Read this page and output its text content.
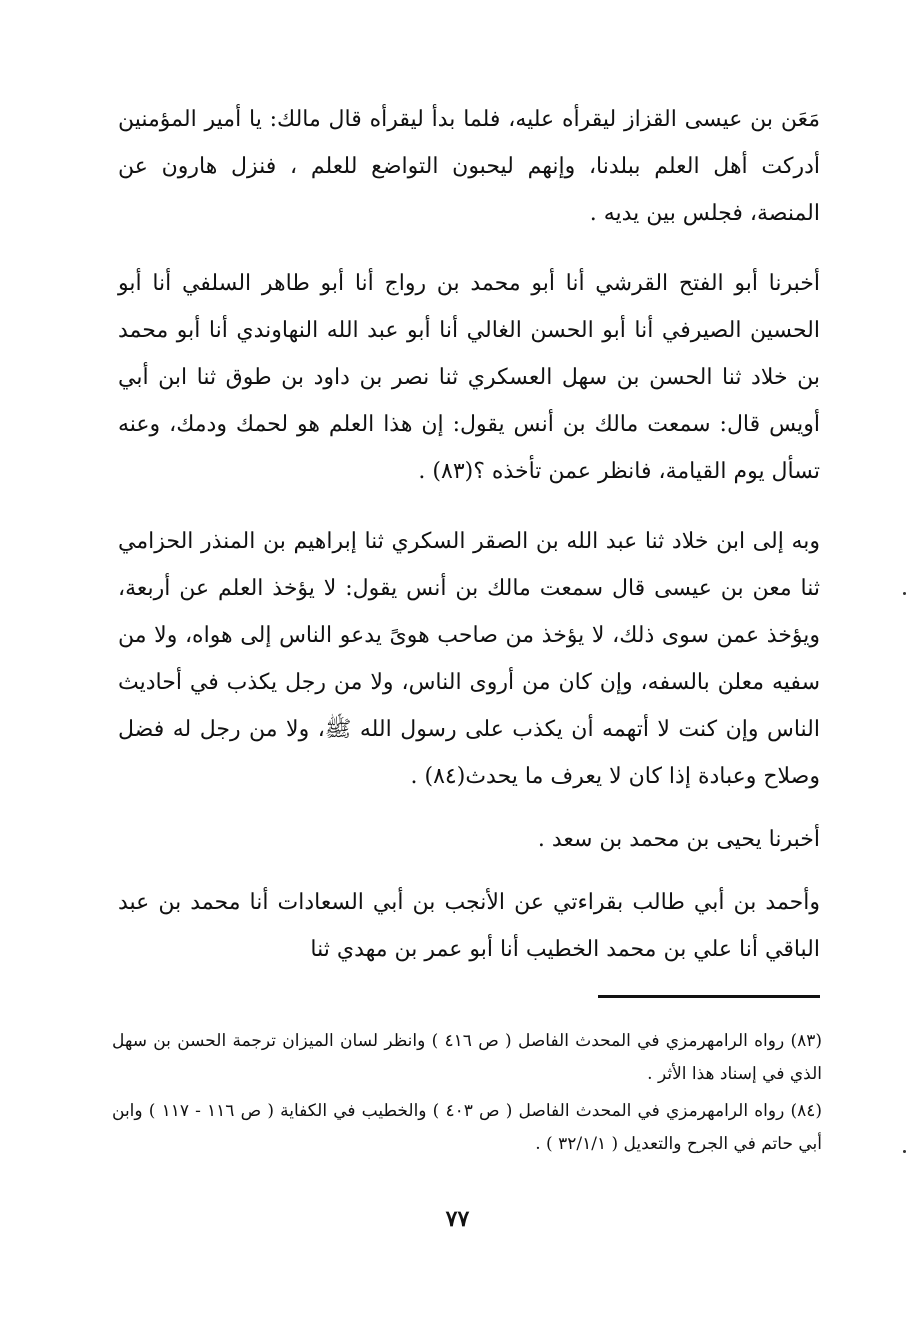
مَعَن بن عيسى القزاز ليقرأه عليه، فلما بدأ ليقرأه قال مالك: يا أمير المؤمنين أدركت أهل العلم ببلدنا، وإنهم ليحبون التواضع للعلم ، فنزل هارون عن المنصة، فجلس بين يديه .

أخبرنا أبو الفتح القرشي أنا أبو محمد بن رواج أنا أبو طاهر السلفي أنا أبو الحسين الصيرفي أنا أبو الحسن الغالي أنا أبو عبد الله النهاوندي أنا أبو محمد بن خلاد ثنا الحسن بن سهل العسكري ثنا نصر بن داود بن طوق ثنا ابن أبي أويس قال: سمعت مالك بن أنس يقول: إن هذا العلم هو لحمك ودمك، وعنه تسأل يوم القيامة، فانظر عمن تأخذه ؟(٨٣) .

وبه إلى ابن خلاد ثنا عبد الله بن الصقر السكري ثنا إبراهيم بن المنذر الحزامي ثنا معن بن عيسى قال سمعت مالك بن أنس يقول: لا يؤخذ العلم عن أربعة، ويؤخذ عمن سوى ذلك، لا يؤخذ من صاحب هوىً يدعو الناس إلى هواه، ولا من سفيه معلن بالسفه، وإن كان من أروى الناس، ولا من رجل يكذب في أحاديث الناس وإن كنت لا أتهمه أن يكذب على رسول الله ﷺ، ولا من رجل له فضل وصلاح وعبادة إذا كان لا يعرف ما يحدث(٨٤) .

أخبرنا يحيى بن محمد بن سعد .

وأحمد بن أبي طالب بقراءتي عن الأنجب بن أبي السعادات أنا محمد بن عبد الباقي أنا علي بن محمد الخطيب أنا أبو عمر بن مهدي ثنا

(٨٣) رواه الرامهرمزي في المحدث الفاصل ( ص ٤١٦ ) وانظر لسان الميزان ترجمة الحسن بن سهل الذي في إسناد هذا الأثر .

(٨٤) رواه الرامهرمزي في المحدث الفاصل ( ص ٤٠٣ ) والخطيب في الكفاية ( ص ١١٦ - ١١٧ ) وابن أبي حاتم في الجرح والتعديل ( ٣٢/١/١ ) .

٧٧
